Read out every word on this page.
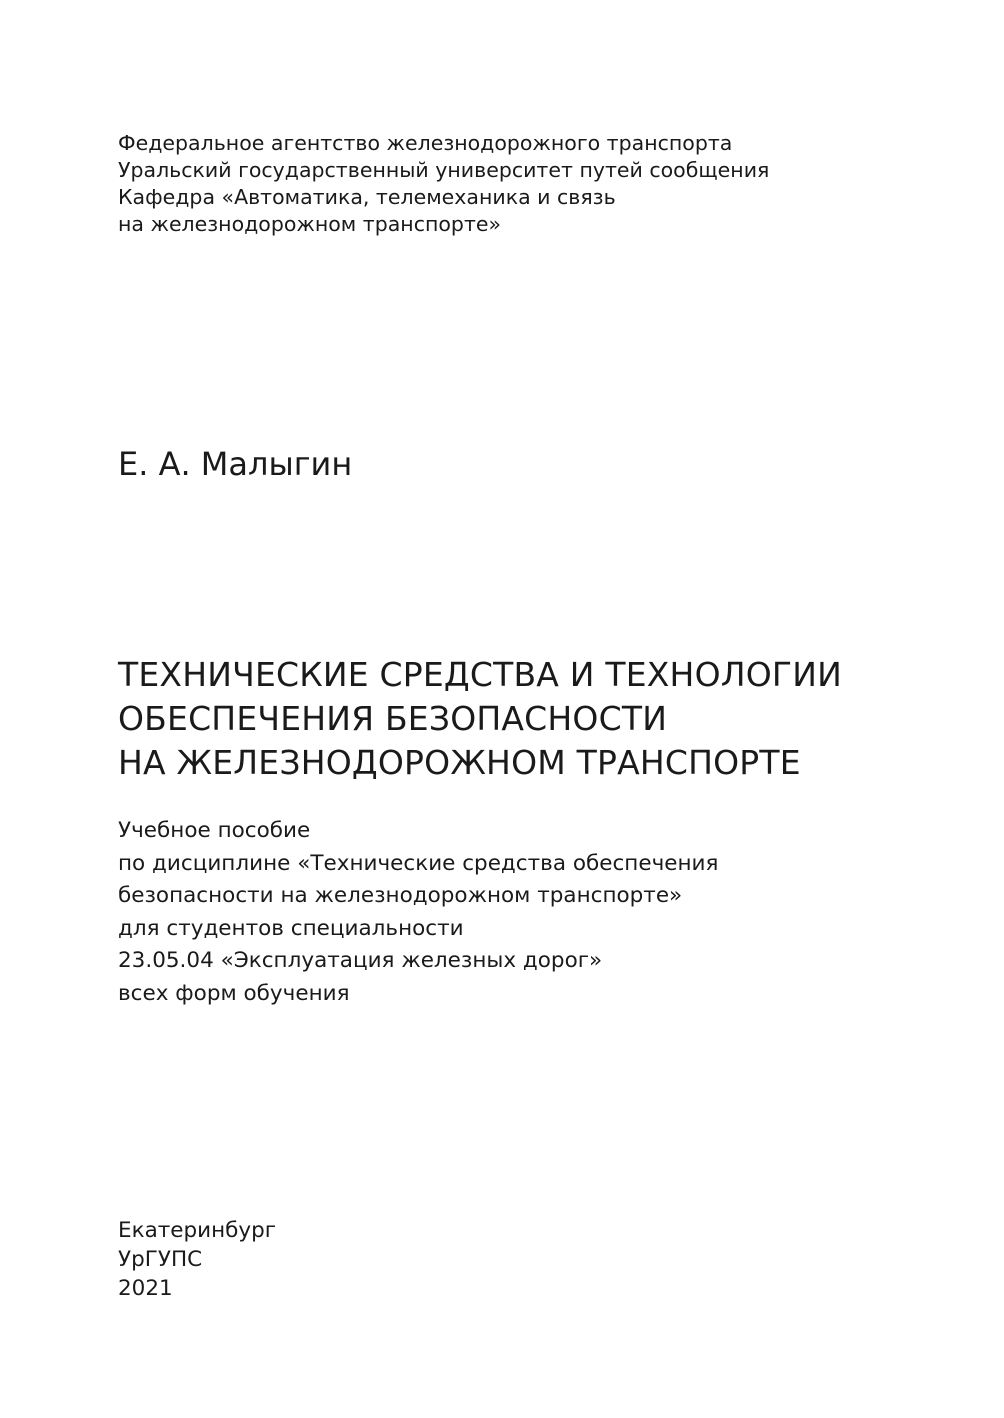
Федеральное агентство железнодорожного транспорта
Уральский государственный университет путей сообщения
Кафедра «Автоматика, телемеханика и связь
на железнодорожном транспорте»
Е. А. Малыгин
ТЕХНИЧЕСКИЕ СРЕДСТВА И ТЕХНОЛОГИИ
ОБЕСПЕЧЕНИЯ БЕЗОПАСНОСТИ
НА ЖЕЛЕЗНОДОРОЖНОМ ТРАНСПОРТЕ
Учебное пособие
по дисциплине «Технические средства обеспечения
безопасности на железнодорожном транспорте»
для студентов специальности
23.05.04 «Эксплуатация железных дорог»
всех форм обучения
Екатеринбург
УрГУПС
2021
